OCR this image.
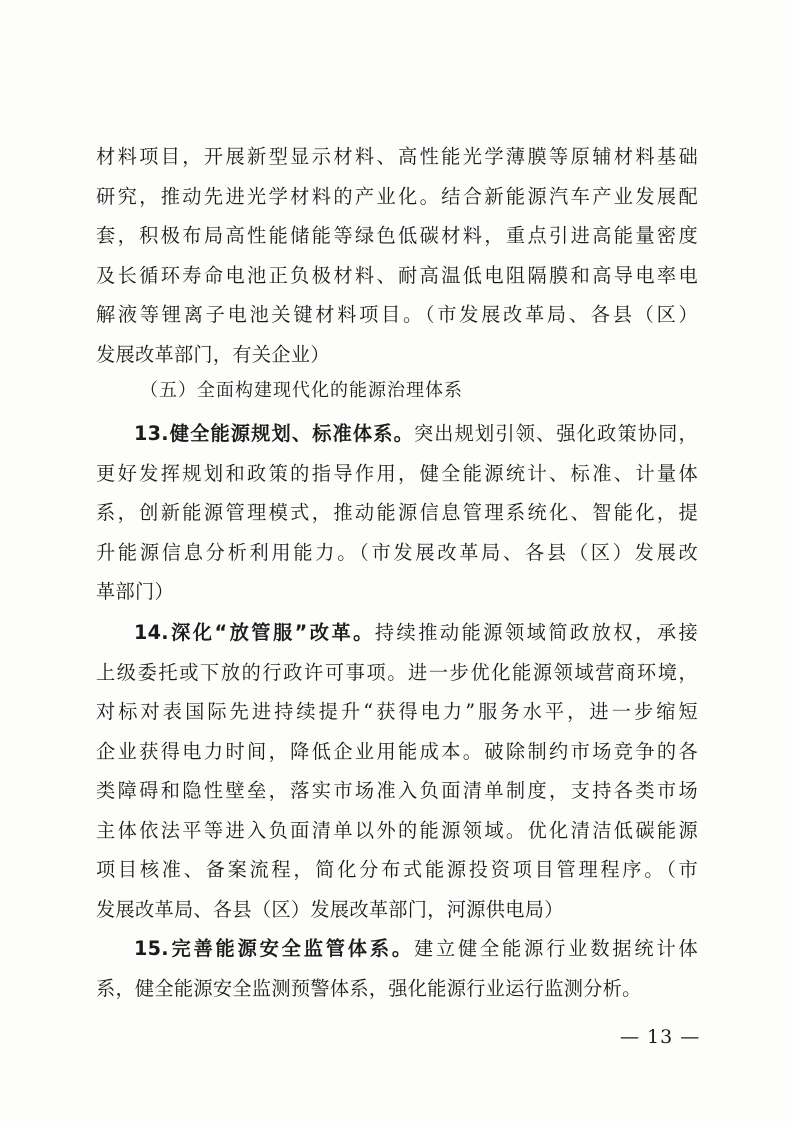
材料项目，开展新型显示材料、高性能光学薄膜等原辅材料基础
研究，推动先进光学材料的产业化。结合新能源汽车产业发展配
套，积极布局高性能储能等绿色低碳材料，重点引进高能量密度
及长循环寿命电池正负极材料、耐高温低电阻隔膜和高导电率电
解液等锂离子电池关键材料项目。（市发展改革局、各县（区）
发展改革部门，有关企业）
（五）全面构建现代化的能源治理体系
13.健全能源规划、标准体系。突出规划引领、强化政策协同，
更好发挥规划和政策的指导作用，健全能源统计、标准、计量体
系，创新能源管理模式，推动能源信息管理系统化、智能化，提
升能源信息分析利用能力。（市发展改革局、各县（区）发展改
革部门）
14.深化“放管服”改革。持续推动能源领域简政放权，承接
上级委托或下放的行政许可事项。进一步优化能源领域营商环境，
对标对表国际先进持续提升“获得电力”服务水平，进一步缩短
企业获得电力时间，降低企业用能成本。破除制约市场竞争的各
类障碍和隐性壁垒，落实市场准入负面清单制度，支持各类市场
主体依法平等进入负面清单以外的能源领域。优化清洁低碳能源
项目核准、备案流程，简化分布式能源投资项目管理程序。（市
发展改革局、各县（区）发展改革部门，河源供电局）
15.完善能源安全监管体系。建立健全能源行业数据统计体
系，健全能源安全监测预警体系，强化能源行业运行监测分析。
— 13 —
